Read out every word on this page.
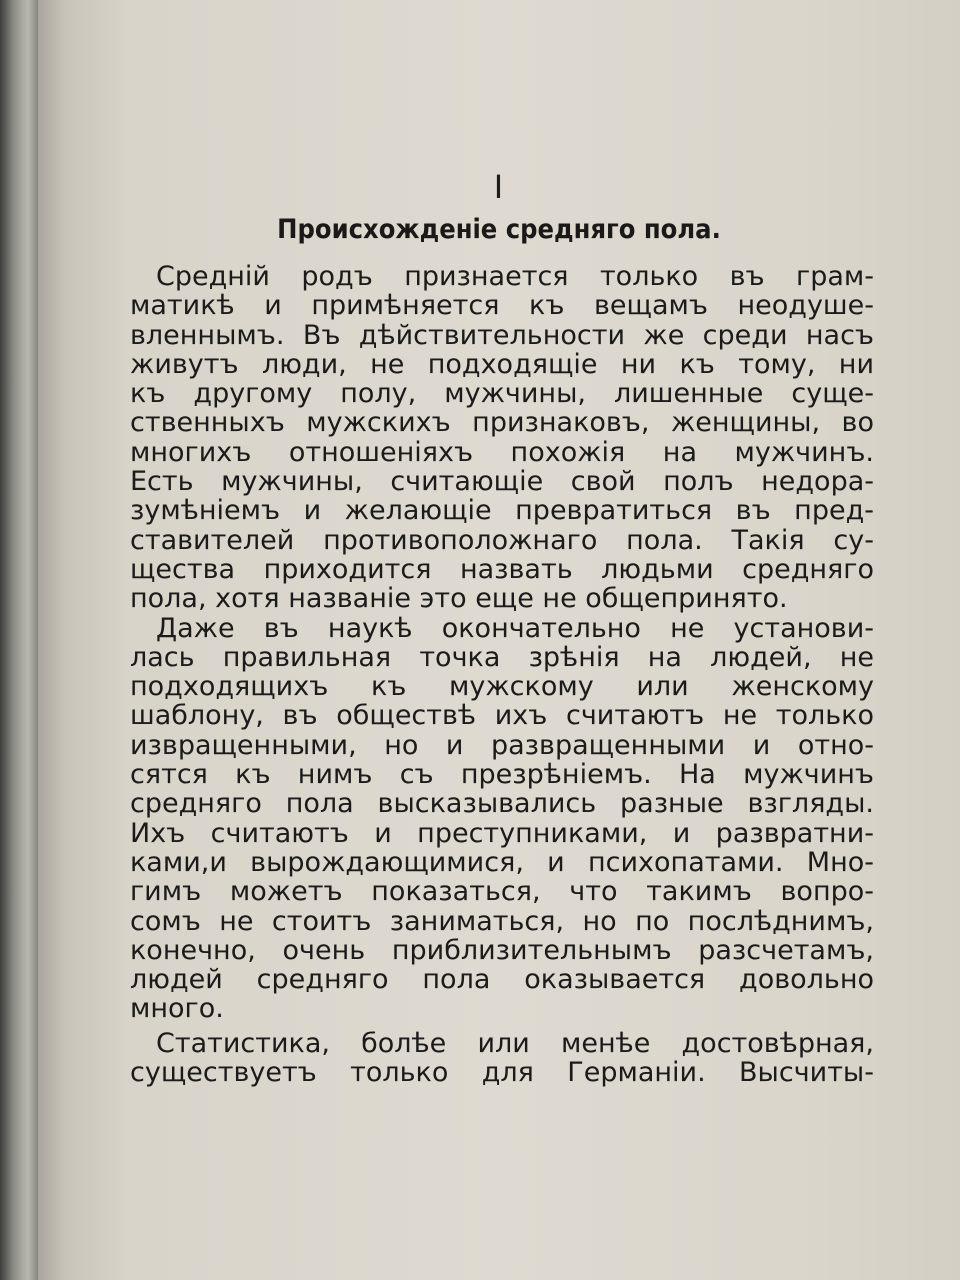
I
Происхожденiе средняго пола.
Среднiй родъ признается только въ грам-
матикѣ и примѣняется къ вещамъ неодуше-
вленнымъ. Въ дѣйствительности же среди насъ
живутъ люди, не подходящiе ни къ тому, ни
къ другому полу, мужчины, лишенные суще-
ственныхъ мужскихъ признаковъ, женщины, во
многихъ отношенiяхъ похожiя на мужчинъ.
Есть мужчины, считающiе свой полъ недора-
зумѣнiемъ и желающiе превратиться въ пред-
ставителей противоположнаго пола. Такiя су-
щества приходится назвать людьми средняго
пола, хотя названiе это еще не общепринято.
Даже въ наукѣ окончательно не установи-
лась правильная точка зрѣнiя на людей, не
подходящихъ къ мужскому или женскому
шаблону, въ обществѣ ихъ считаютъ не только
извращенными, но и развращенными и отно-
сятся къ нимъ съ презрѣнiемъ. На мужчинъ
средняго пола высказывались разные взгляды.
Ихъ считаютъ и преступниками, и развратни-
ками,и вырождающимися, и психопатами. Мно-
гимъ можетъ показаться, что такимъ вопро-
сомъ не стоитъ заниматься, но по послѣднимъ,
конечно, очень приблизительнымъ разсчетамъ,
людей средняго пола оказывается довольно
много.
Статистика, болѣе или менѣе достовѣрная,
существуетъ только для Германiи. Высчиты-
